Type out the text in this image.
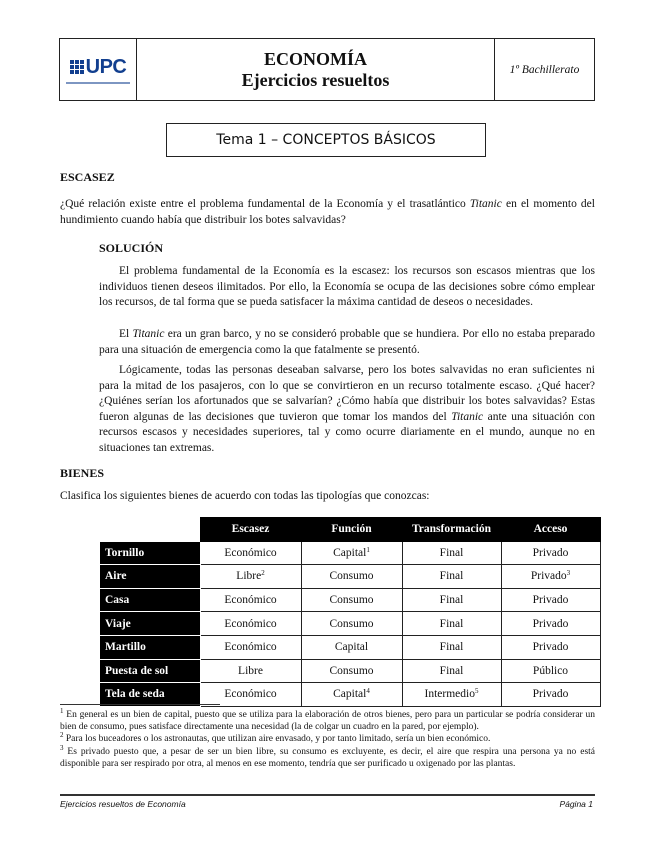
UPC	ECONOMÍA
Ejercicios resueltos	1º Bachillerato
Tema 1 – CONCEPTOS BÁSICOS
ESCASEZ
¿Qué relación existe entre el problema fundamental de la Economía y el trasatlántico Titanic en el momento del hundimiento cuando había que distribuir los botes salvavidas?
SOLUCIÓN
El problema fundamental de la Economía es la escasez: los recursos son escasos mientras que los individuos tienen deseos ilimitados. Por ello, la Economía se ocupa de las decisiones sobre cómo emplear los recursos, de tal forma que se pueda satisfacer la máxima cantidad de deseos o necesidades.
El Titanic era un gran barco, y no se consideró probable que se hundiera. Por ello no estaba preparado para una situación de emergencia como la que fatalmente se presentó.
Lógicamente, todas las personas deseaban salvarse, pero los botes salvavidas no eran suficientes ni para la mitad de los pasajeros, con lo que se convirtieron en un recurso totalmente escaso. ¿Qué hacer? ¿Quiénes serían los afortunados que se salvarían? ¿Cómo había que distribuir los botes salvavidas? Estas fueron algunas de las decisiones que tuvieron que tomar los mandos del Titanic ante una situación con recursos escasos y necesidades superiores, tal y como ocurre diariamente en el mundo, aunque no en situaciones tan extremas.
BIENES
Clasifica los siguientes bienes de acuerdo con todas las tipologías que conozcas:
	Escasez	Función	Transformación	Acceso
Tornillo	Económico	Capital$^1$	Final	Privado
Aire	Libre$^2$	Consumo	Final	Privado$^3$
Casa	Económico	Consumo	Final	Privado
Viaje	Económico	Consumo	Final	Privado
Martillo	Económico	Capital	Final	Privado
Puesta de sol	Libre	Consumo	Final	Público
Tela de seda	Económico	Capital$^4$	Intermedio$^5$	Privado
$^1$ En general es un bien de capital, puesto que se utiliza para la elaboración de otros bienes, pero para un particular se podría considerar un bien de consumo, pues satisface directamente una necesidad (la de colgar un cuadro en la pared, por ejemplo).
$^2$ Para los buceadores o los astronautas, que utilizan aire envasado, y por tanto limitado, sería un bien económico.
$^3$ Es privado puesto que, a pesar de ser un bien libre, su consumo es excluyente, es decir, el aire que respira una persona ya no está disponible para ser respirado por otra, al menos en ese momento, tendría que ser purificado u oxigenado por las plantas.
Ejercicios resueltos de Economía	Página 1
